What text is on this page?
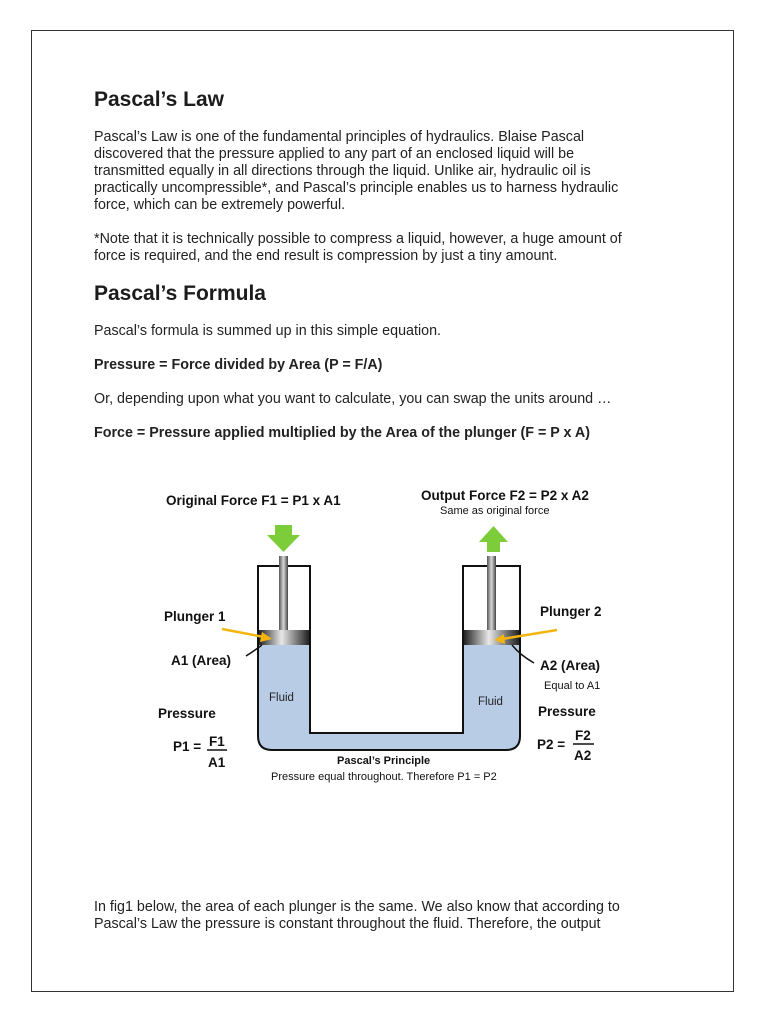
Pascal’s Law

Pascal’s Law is one of the fundamental principles of hydraulics. Blaise Pascal
discovered that the pressure applied to any part of an enclosed liquid will be
transmitted equally in all directions through the liquid. Unlike air, hydraulic oil is
practically uncompressible*, and Pascal’s principle enables us to harness hydraulic
force, which can be extremely powerful.

*Note that it is technically possible to compress a liquid, however, a huge amount of
force is required, and the end result is compression by just a tiny amount.

Pascal’s Formula

Pascal’s formula is summed up in this simple equation.

Pressure = Force divided by Area (P = F/A)

Or, depending upon what you want to calculate, you can swap the units around …

Force = Pressure applied multiplied by the Area of the plunger (F = P x A)

In fig1 below, the area of each plunger is the same. We also know that according to
Pascal’s Law the pressure is constant throughout the fluid. Therefore, the output

Original Force F1 = P1 x A1	Output Force F2 = P2 x A2
Same as original force
Plunger 1	Plunger 2
A1 (Area)	A2 (Area)
Equal to A1
Fluid	Fluid
Pressure	Pressure
P1 = F1
A1
P2 =
F2
A2
Pascal’s Principle
Pressure equal throughout. Therefore P1 = P2
